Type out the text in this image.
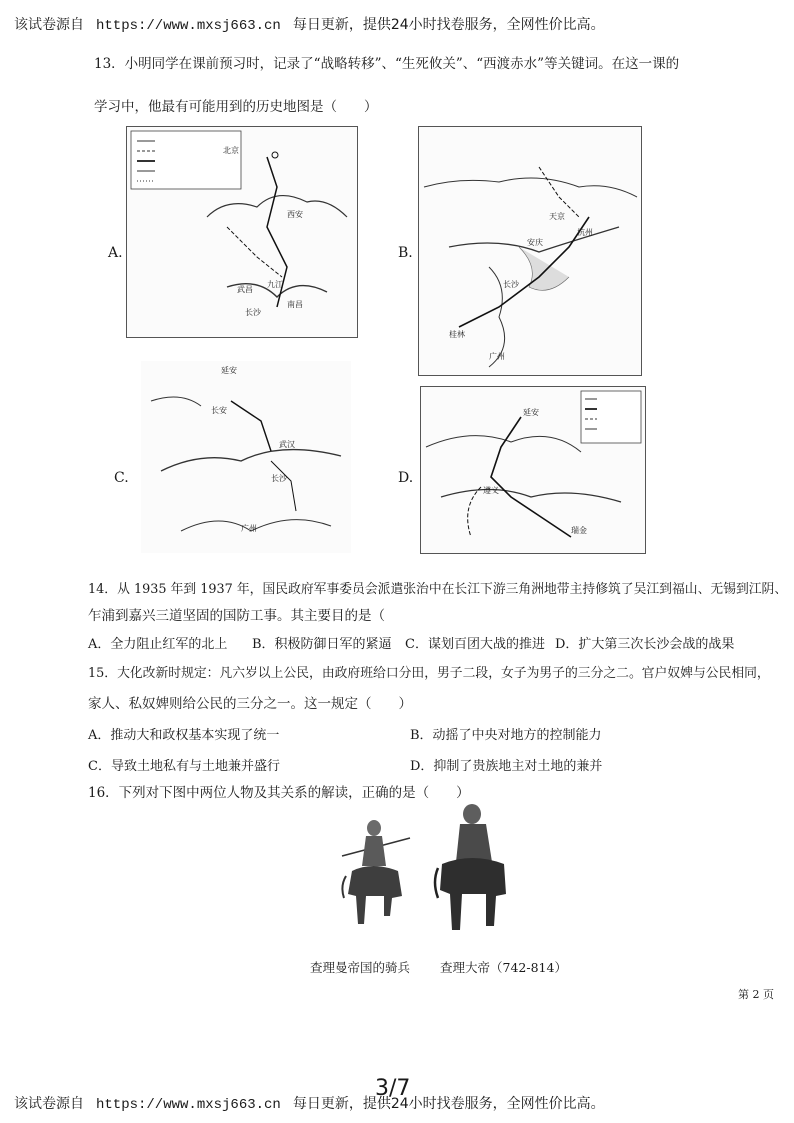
该试卷源自 https://www.mxsj663.cn 每日更新，提供24小时找卷服务，全网性价比高。
13．小明同学在课前预习时，记录了“战略转移”、“生死攸关”、“西渡赤水”等关键词。在这一课的
学习中，他最有可能用到的历史地图是（　　）
A.
北京
西安
武昌
长沙
南昌
九江
B.
天京
安庆
杭州
长沙
广州
桂林
C.
延安
长安
武汉
长沙
广州
D.
遵义
瑞金
延安
14．从 1935 年到 1937 年，国民政府军事委员会派遣张治中在长江下游三角洲地带主持修筑了吴江到福山、无锡到江阴、
乍浦到嘉兴三道坚固的国防工事。其主要目的是（
A．全力阻止红军的北上 B．积极防御日军的紧逼 C．谋划百团大战的推进 D．扩大第三次长沙会战的战果
15．大化改新时规定：凡六岁以上公民，由政府班给口分田，男子二段，女子为男子的三分之二。官户奴婢与公民相同，
家人、私奴婢则给公民的三分之一。这一规定（　　）
A．推动大和政权基本实现了统一	B．动摇了中央对地方的控制能力
C．导致土地私有与土地兼并盛行	D．抑制了贵族地主对土地的兼并
16．下列对下图中两位人物及其关系的解读，正确的是（　　）
查理曼帝国的骑兵 查理大帝（742-814）
第 2 页
3/7
该试卷源自 https://www.mxsj663.cn 每日更新，提供24小时找卷服务，全网性价比高。
